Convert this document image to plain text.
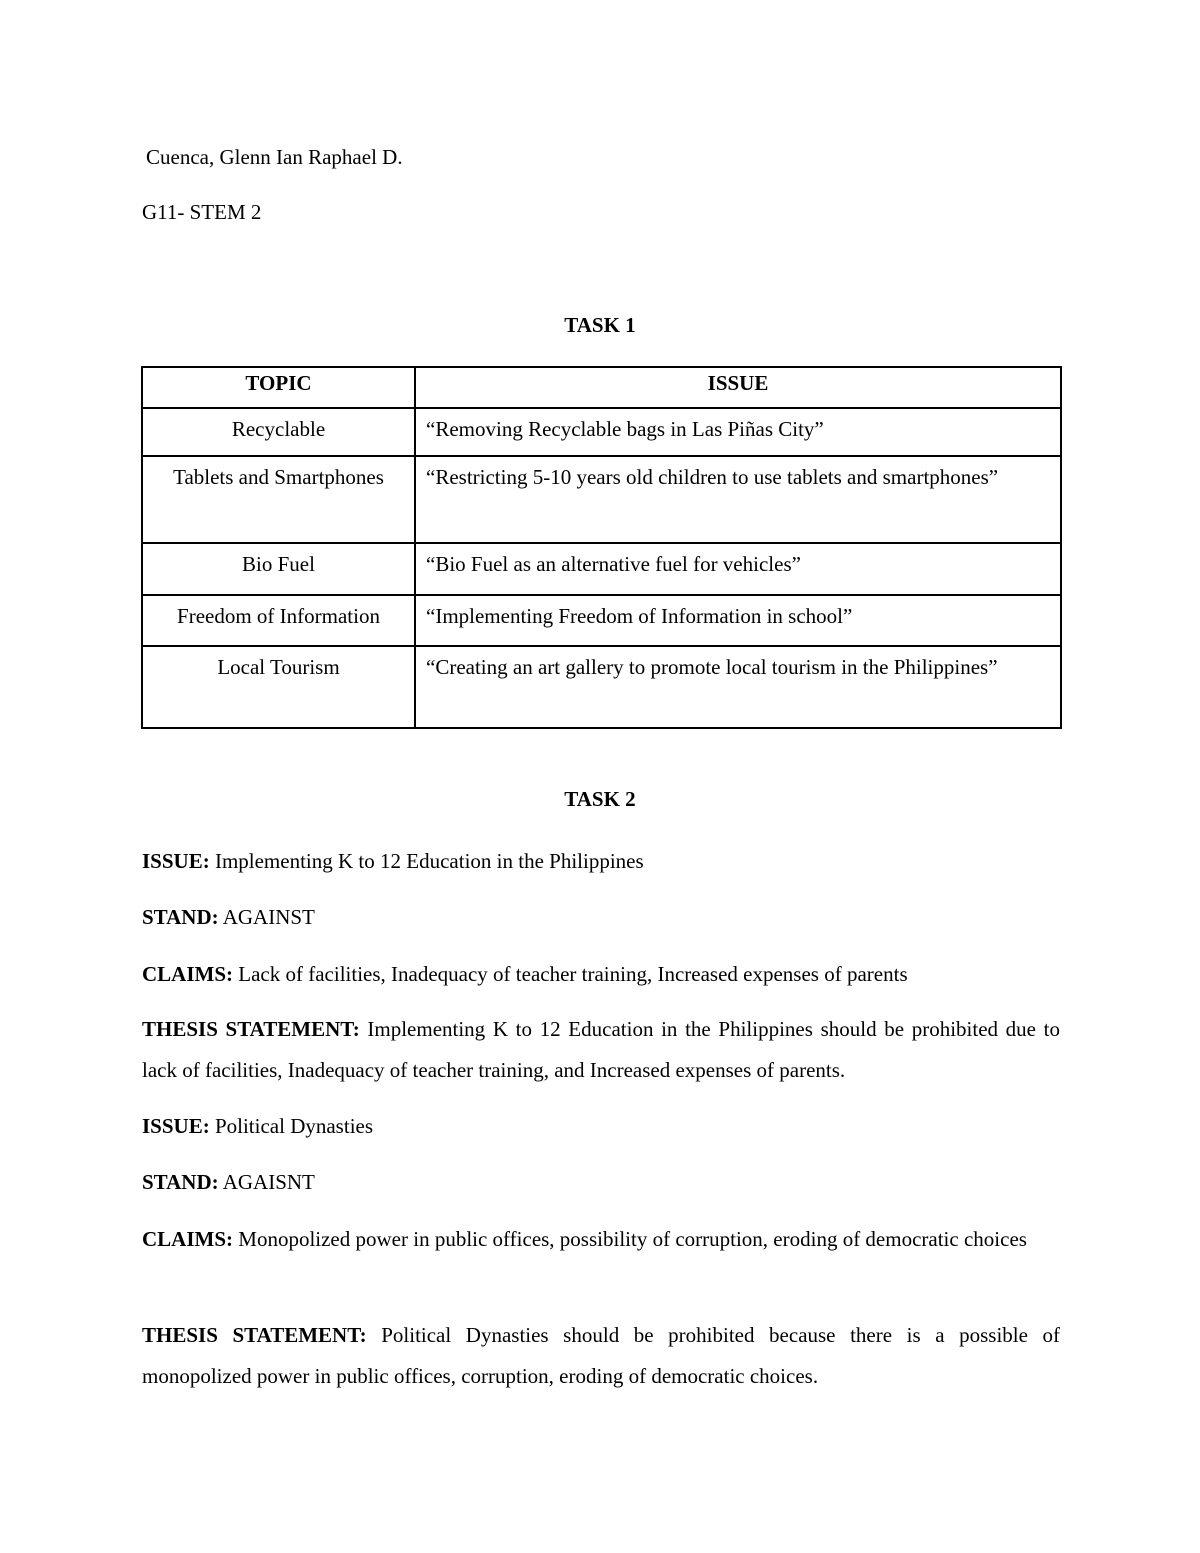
Cuenca, Glenn Ian Raphael D.
G11- STEM 2
TASK 1
TOPIC	ISSUE
Recyclable	“Removing Recyclable bags in Las Piñas City”
Tablets and Smartphones	“Restricting 5-10 years old children to use tablets and smartphones”
Bio Fuel	“Bio Fuel as an alternative fuel for vehicles”
Freedom of Information	“Implementing Freedom of Information in school”
Local Tourism	“Creating an art gallery to promote local tourism in the Philippines”
TASK 2
ISSUE: Implementing K to 12 Education in the Philippines
STAND: AGAINST
CLAIMS: Lack of facilities, Inadequacy of teacher training, Increased expenses of parents
THESIS STATEMENT: Implementing K to 12 Education in the Philippines should be prohibited due to lack of facilities, Inadequacy of teacher training, and Increased expenses of parents.
ISSUE: Political Dynasties
STAND: AGAISNT
CLAIMS: Monopolized power in public offices, possibility of corruption, eroding of democratic choices
THESIS STATEMENT: Political Dynasties should be prohibited because there is a possible of monopolized power in public offices, corruption, eroding of democratic choices.
